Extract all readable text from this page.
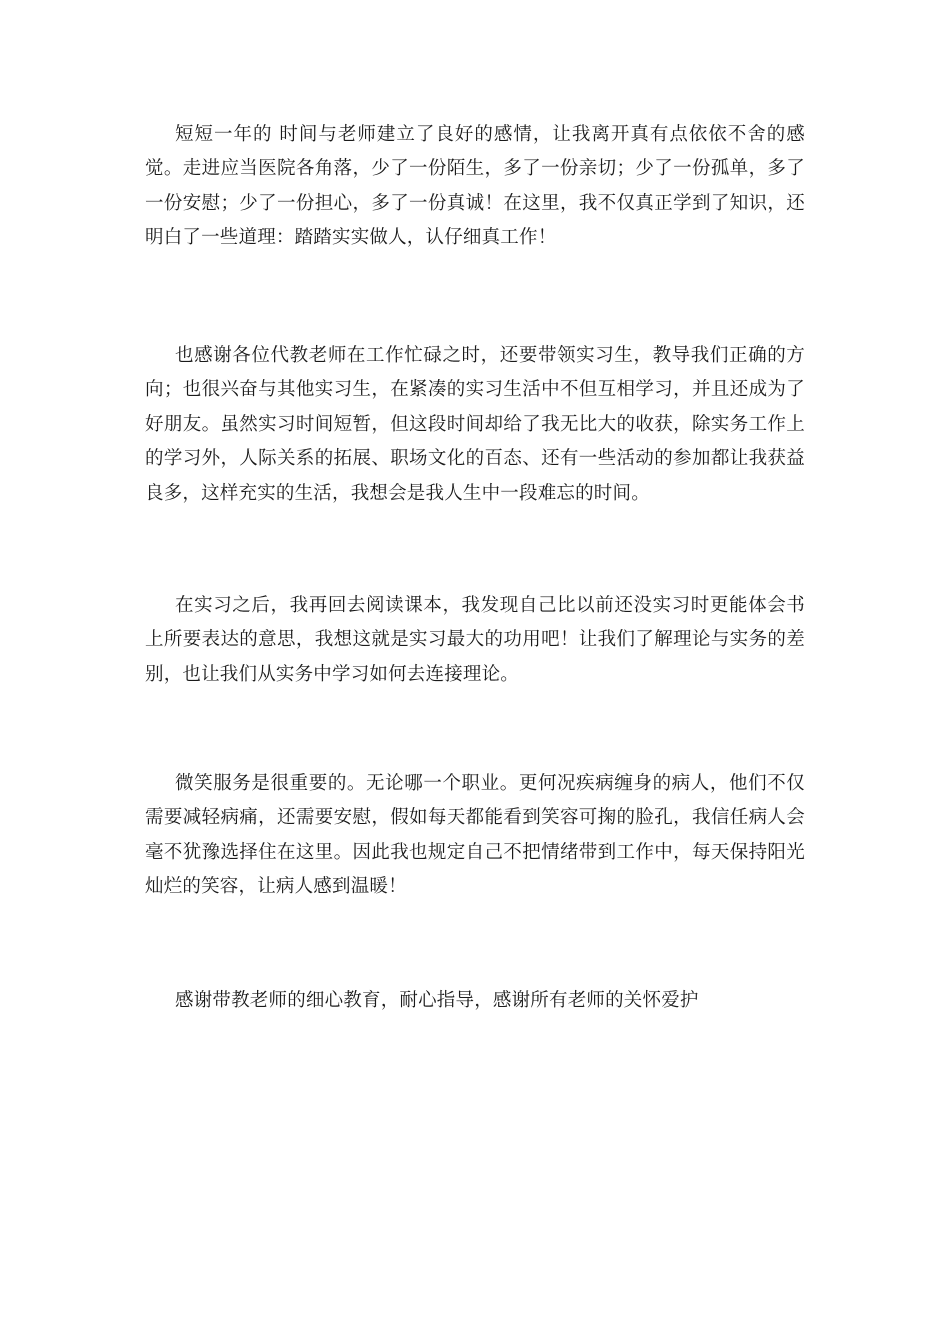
短短一年的 时间与老师建立了良好的感情，让我离开真有点依依不舍的感觉。走进应当医院各角落，少了一份陌生，多了一份亲切；少了一份孤单，多了一份安慰；少了一份担心，多了一份真诚！在这里，我不仅真正学到了知识，还明白了一些道理：踏踏实实做人，认仔细真工作！

也感谢各位代教老师在工作忙碌之时，还要带领实习生，教导我们正确的方向；也很兴奋与其他实习生，在紧凑的实习生活中不但互相学习，并且还成为了好朋友。虽然实习时间短暂，但这段时间却给了我无比大的收获，除实务工作上的学习外，人际关系的拓展、职场文化的百态、还有一些活动的参加都让我获益良多，这样充实的生活，我想会是我人生中一段难忘的时间。

在实习之后，我再回去阅读课本，我发现自己比以前还没实习时更能体会书上所要表达的意思，我想这就是实习最大的功用吧！让我们了解理论与实务的差别，也让我们从实务中学习如何去连接理论。

微笑服务是很重要的。无论哪一个职业。更何况疾病缠身的病人，他们不仅需要减轻病痛，还需要安慰，假如每天都能看到笑容可掬的脸孔，我信任病人会毫不犹豫选择住在这里。因此我也规定自己不把情绪带到工作中，每天保持阳光灿烂的笑容，让病人感到温暖！

感谢带教老师的细心教育，耐心指导，感谢所有老师的关怀爱护
